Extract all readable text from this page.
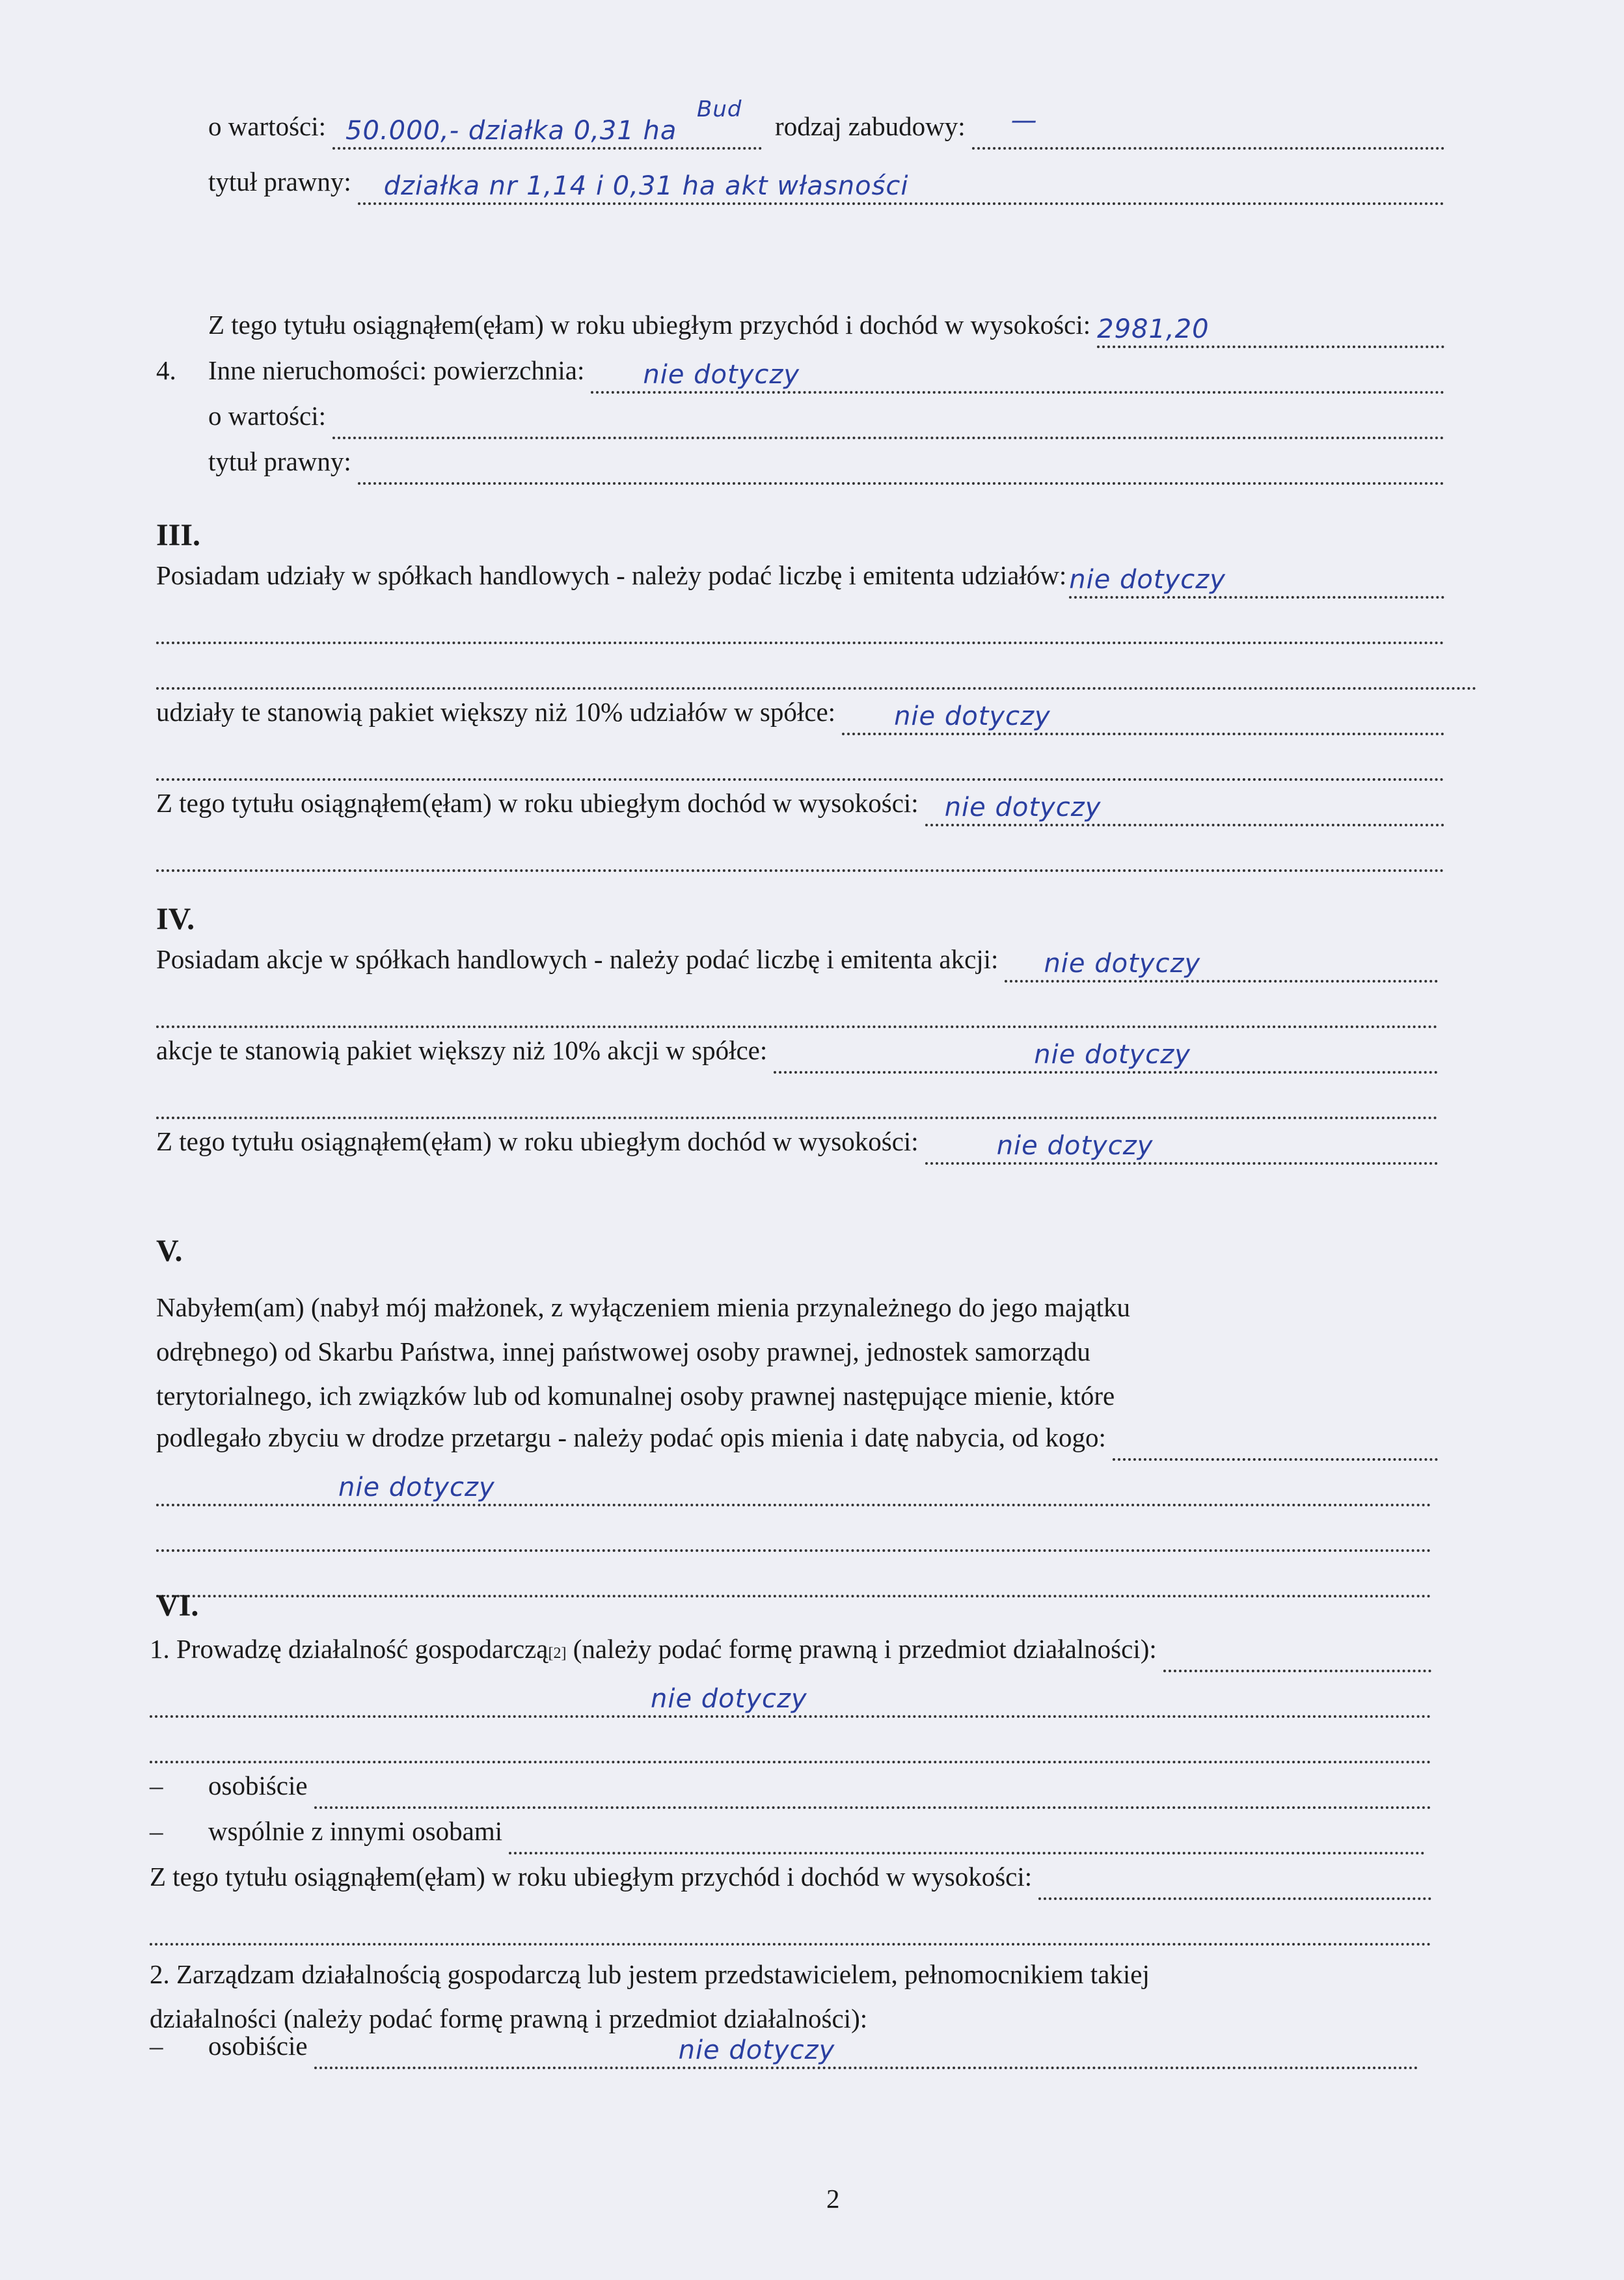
o wartości: 50.000,- działka 0,31 ha
Bud
rodzaj zabudowy: —
tytuł prawny: działka nr 1,14 i 0,31 ha akt własności
Z tego tytułu osiągnąłem(ęłam) w roku ubiegłym przychód i dochód w wysokości: 2981,20
4.	Inne nieruchomości: powierzchnia: nie dotyczy
o wartości:
tytuł prawny:
III.
Posiadam udziały w spółkach handlowych - należy podać liczbę i emitenta udziałów: nie dotyczy
udziały te stanowią pakiet większy niż 10% udziałów w spółce: nie dotyczy
Z tego tytułu osiągnąłem(ęłam) w roku ubiegłym dochód w wysokości: nie dotyczy
IV.
Posiadam akcje w spółkach handlowych - należy podać liczbę i emitenta akcji: nie dotyczy
akcje te stanowią pakiet większy niż 10% akcji w spółce:	nie dotyczy
Z tego tytułu osiągnąłem(ęłam) w roku ubiegłym dochód w wysokości:	nie dotyczy
V.
Nabyłem(am) (nabył mój małżonek, z wyłączeniem mienia przynależnego do jego majątku
odrębnego) od Skarbu Państwa, innej państwowej osoby prawnej, jednostek samorządu
terytorialnego, ich związków lub od komunalnej osoby prawnej następujące mienie, które
podlegało zbyciu w drodze przetargu - należy podać opis mienia i datę nabycia, od kogo:
nie dotyczy
VI.
1. Prowadzę działalność gospodarczą [2] (należy podać formę prawną i przedmiot działalności):
nie dotyczy
–	osobiście
–	wspólnie z innymi osobami
Z tego tytułu osiągnąłem(ęłam) w roku ubiegłym przychód i dochód w wysokości:
2. Zarządzam działalnością gospodarczą lub jestem przedstawicielem, pełnomocnikiem takiej
działalności (należy podać formę prawną i przedmiot działalności):
–	osobiście	nie dotyczy
2
